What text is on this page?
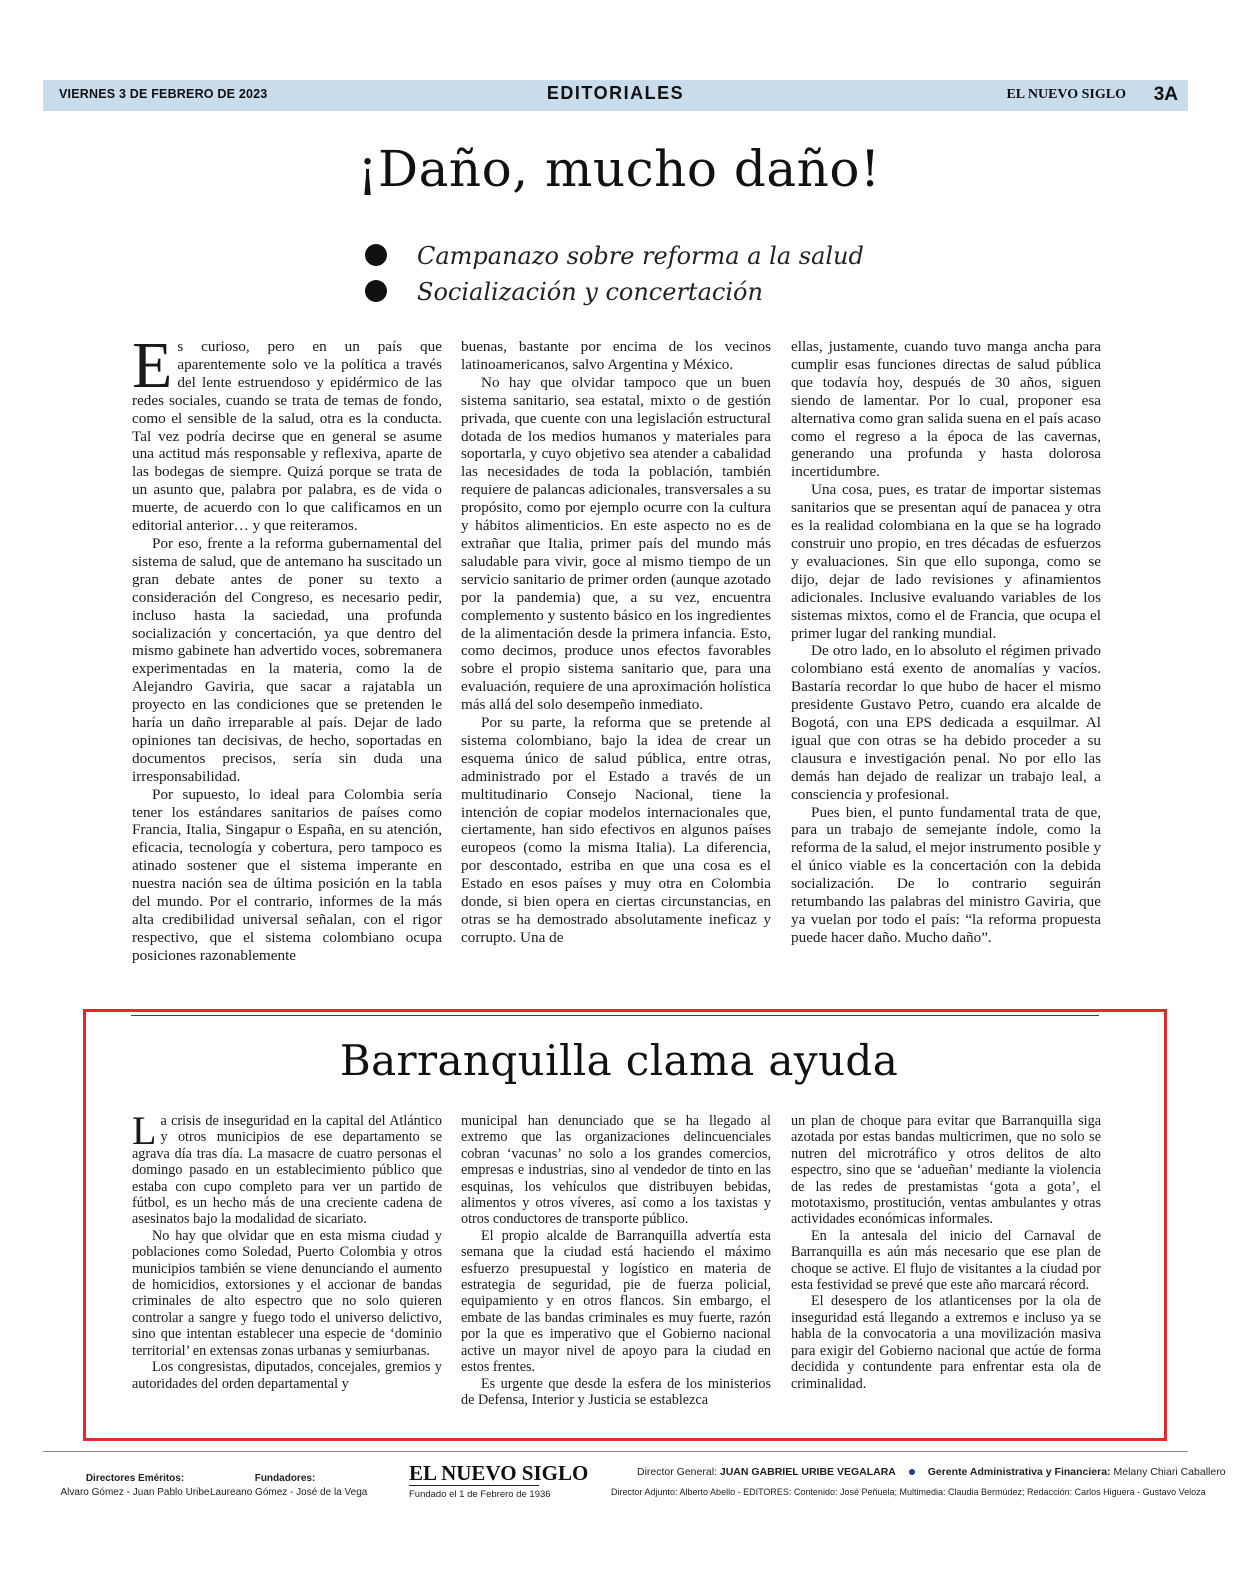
VIERNES 3 DE FEBRERO DE 2023	EDITORIALES	EL NUEVO SIGLO 3A
¡Daño, mucho daño!
Campanazo sobre reforma a la salud
Socialización y concertación

Es curioso, pero en un país que aparentemente solo ve la política a través del lente estruendoso y epidérmico de las redes sociales, cuando se trata de temas de fondo, como el sensible de la salud, otra es la conducta. Tal vez podría decirse que en general se asume una actitud más responsable y reflexiva, aparte de las bodegas de siempre. Quizá porque se trata de un asunto que, palabra por palabra, es de vida o muerte, de acuerdo con lo que calificamos en un editorial anterior… y que reiteramos.

Por eso, frente a la reforma gubernamental del sistema de salud, que de antemano ha suscitado un gran debate antes de poner su texto a consideración del Congreso, es necesario pedir, incluso hasta la saciedad, una profunda socialización y concertación, ya que dentro del mismo gabinete han advertido voces, sobremanera experimentadas en la materia, como la de Alejandro Gaviria, que sacar a rajatabla un proyecto en las condiciones que se pretenden le haría un daño irreparable al país. Dejar de lado opiniones tan decisivas, de hecho, soportadas en documentos precisos, sería sin duda una irresponsabilidad.

Por supuesto, lo ideal para Colombia sería tener los estándares sanitarios de países como Francia, Italia, Singapur o España, en su atención, eficacia, tecnología y cobertura, pero tampoco es atinado sostener que el sistema imperante en nuestra nación sea de última posición en la tabla del mundo. Por el contrario, informes de la más alta credibilidad universal señalan, con el rigor respectivo, que el sistema colombiano ocupa posiciones razonablemente

buenas, bastante por encima de los vecinos latinoamericanos, salvo Argentina y México.

No hay que olvidar tampoco que un buen sistema sanitario, sea estatal, mixto o de gestión privada, que cuente con una legislación estructural dotada de los medios humanos y materiales para soportarla, y cuyo objetivo sea atender a cabalidad las necesidades de toda la población, también requiere de palancas adicionales, transversales a su propósito, como por ejemplo ocurre con la cultura y hábitos alimenticios. En este aspecto no es de extrañar que Italia, primer país del mundo más saludable para vivir, goce al mismo tiempo de un servicio sanitario de primer orden (aunque azotado por la pandemia) que, a su vez, encuentra complemento y sustento básico en los ingredientes de la alimentación desde la primera infancia. Esto, como decimos, produce unos efectos favorables sobre el propio sistema sanitario que, para una evaluación, requiere de una aproximación holística más allá del solo desempeño inmediato.

Por su parte, la reforma que se pretende al sistema colombiano, bajo la idea de crear un esquema único de salud pública, entre otras, administrado por el Estado a través de un multitudinario Consejo Nacional, tiene la intención de copiar modelos internacionales que, ciertamente, han sido efectivos en algunos países europeos (como la misma Italia). La diferencia, por descontado, estriba en que una cosa es el Estado en esos países y muy otra en Colombia donde, si bien opera en ciertas circunstancias, en otras se ha demostrado absolutamente ineficaz y corrupto. Una de

ellas, justamente, cuando tuvo manga ancha para cumplir esas funciones directas de salud pública que todavía hoy, después de 30 años, siguen siendo de lamentar. Por lo cual, proponer esa alternativa como gran salida suena en el país acaso como el regreso a la época de las cavernas, generando una profunda y hasta dolorosa incertidumbre.

Una cosa, pues, es tratar de importar sistemas sanitarios que se presentan aquí de panacea y otra es la realidad colombiana en la que se ha logrado construir uno propio, en tres décadas de esfuerzos y evaluaciones. Sin que ello suponga, como se dijo, dejar de lado revisiones y afinamientos adicionales. Inclusive evaluando variables de los sistemas mixtos, como el de Francia, que ocupa el primer lugar del ranking mundial.

De otro lado, en lo absoluto el régimen privado colombiano está exento de anomalías y vacíos. Bastaría recordar lo que hubo de hacer el mismo presidente Gustavo Petro, cuando era alcalde de Bogotá, con una EPS dedicada a esquilmar. Al igual que con otras se ha debido proceder a su clausura e investigación penal. No por ello las demás han dejado de realizar un trabajo leal, a consciencia y profesional.

Pues bien, el punto fundamental trata de que, para un trabajo de semejante índole, como la reforma de la salud, el mejor instrumento posible y el único viable es la concertación con la debida socialización. De lo contrario seguirán retumbando las palabras del ministro Gaviria, que ya vuelan por todo el país: “la reforma propuesta puede hacer daño. Mucho daño”.

Barranquilla clama ayuda

La crisis de inseguridad en la capital del Atlántico y otros municipios de ese departamento se agrava día tras día. La masacre de cuatro personas el domingo pasado en un establecimiento público que estaba con cupo completo para ver un partido de fútbol, es un hecho más de una creciente cadena de asesinatos bajo la modalidad de sicariato.

No hay que olvidar que en esta misma ciudad y poblaciones como Soledad, Puerto Colombia y otros municipios también se viene denunciando el aumento de homicidios, extorsiones y el accionar de bandas criminales de alto espectro que no solo quieren controlar a sangre y fuego todo el universo delictivo, sino que intentan establecer una especie de ‘dominio territorial’ en extensas zonas urbanas y semiurbanas.

Los congresistas, diputados, concejales, gremios y autoridades del orden departamental y

municipal han denunciado que se ha llegado al extremo que las organizaciones delincuenciales cobran ‘vacunas’ no solo a los grandes comercios, empresas e industrias, sino al vendedor de tinto en las esquinas, los vehículos que distribuyen bebidas, alimentos y otros víveres, así como a los taxistas y otros conductores de transporte público.

El propio alcalde de Barranquilla advertía esta semana que la ciudad está haciendo el máximo esfuerzo presupuestal y logístico en materia de estrategia de seguridad, pie de fuerza policial, equipamiento y en otros flancos. Sin embargo, el embate de las bandas criminales es muy fuerte, razón por la que es imperativo que el Gobierno nacional active un mayor nivel de apoyo para la ciudad en estos frentes.

Es urgente que desde la esfera de los ministerios de Defensa, Interior y Justicia se establezca

un plan de choque para evitar que Barranquilla siga azotada por estas bandas multicrimen, que no solo se nutren del microtráfico y otros delitos de alto espectro, sino que se ‘adueñan’ mediante la violencia de las redes de prestamistas ‘gota a gota’, el mototaxismo, prostitución, ventas ambulantes y otras actividades económicas informales.

En la antesala del inicio del Carnaval de Barranquilla es aún más necesario que ese plan de choque se active. El flujo de visitantes a la ciudad por esta festividad se prevé que este año marcará récord.

El desespero de los atlanticenses por la ola de inseguridad está llegando a extremos e incluso ya se habla de la convocatoria a una movilización masiva para exigir del Gobierno nacional que actúe de forma decidida y contundente para enfrentar esta ola de criminalidad.

Directores Eméritos:
Alvaro Gómez - Juan Pablo Uribe
Fundadores:
Laureano Gómez - José de la Vega
EL NUEVO SIGLO
Fundado el 1 de Febrero de 1936
Director General: JUAN GABRIEL URIBE VEGALARA	Gerente Administrativa y Financiera: Melany Chiari Caballero
Director Adjunto: Alberto Abello - EDITORES: Contenido: José Peñuela; Multimedia: Claudia Bermúdez; Redacción: Carlos Higuera - Gustavo Veloza
